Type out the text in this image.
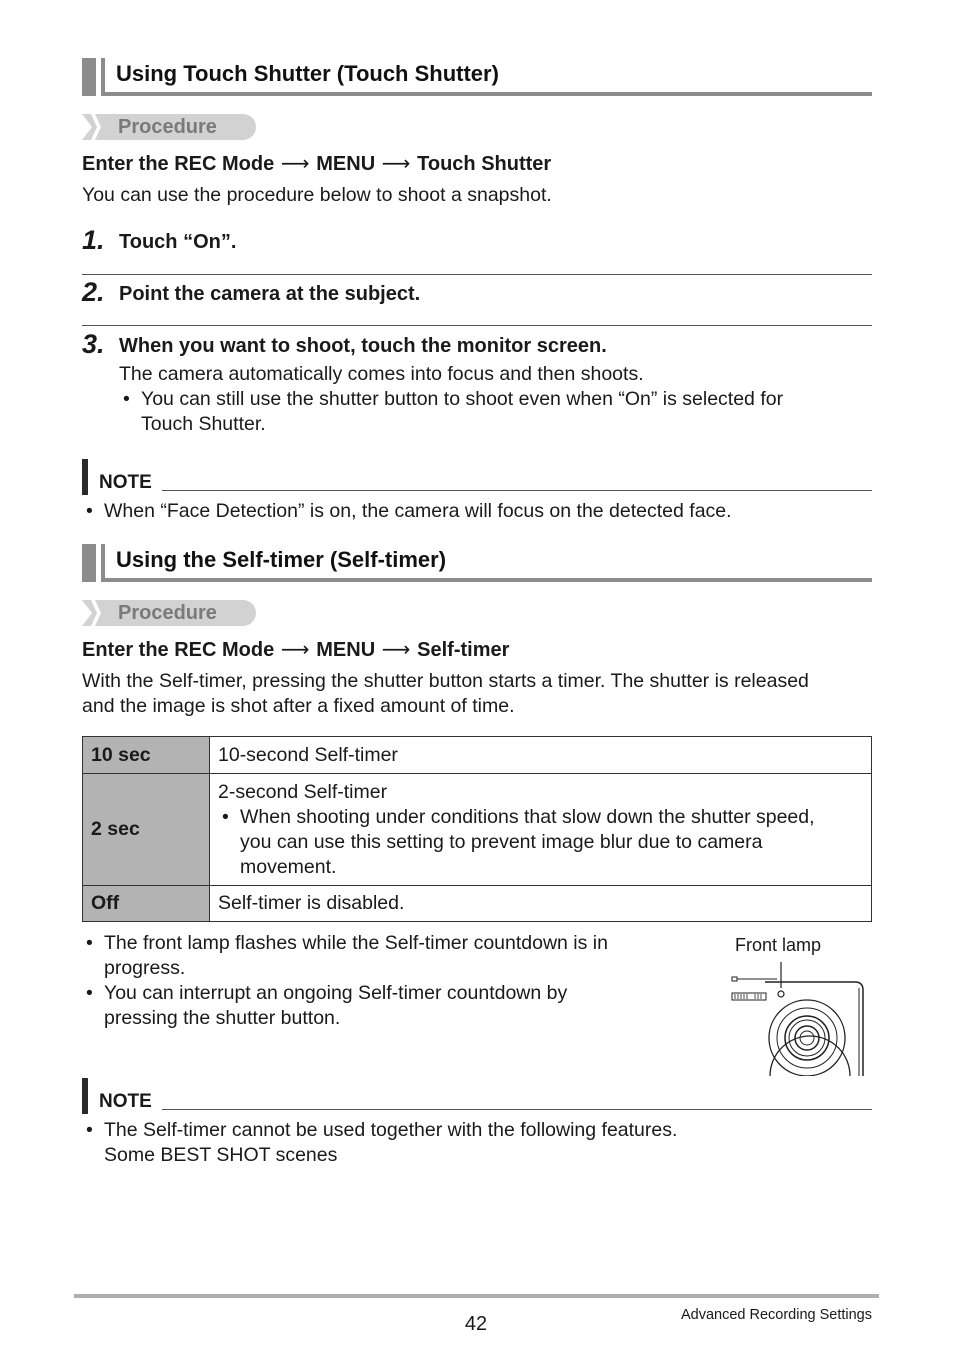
Using Touch Shutter (Touch Shutter)
Procedure
Enter the REC Mode ⟶ MENU ⟶ Touch Shutter
You can use the procedure below to shoot a snapshot.
1. Touch “On”.
2. Point the camera at the subject.
3. When you want to shoot, touch the monitor screen.
The camera automatically comes into focus and then shoots.
• You can still use the shutter button to shoot even when “On” is selected for
Touch Shutter.
NOTE
• When “Face Detection” is on, the camera will focus on the detected face.
Using the Self-timer (Self-timer)
Procedure
Enter the REC Mode ⟶ MENU ⟶ Self-timer
With the Self-timer, pressing the shutter button starts a timer. The shutter is released
and the image is shot after a fixed amount of time.
10 sec	10-second Self-timer
2 sec	2-second Self-timer
• When shooting under conditions that slow down the shutter speed,
you can use this setting to prevent image blur due to camera
movement.

Off	Self-timer is disabled.
• The front lamp flashes while the Self-timer countdown is in
progress.
• You can interrupt an ongoing Self-timer countdown by
pressing the shutter button.
Front lamp
NOTE
• The Self-timer cannot be used together with the following features.
Some BEST SHOT scenes
42	Advanced Recording Settings
